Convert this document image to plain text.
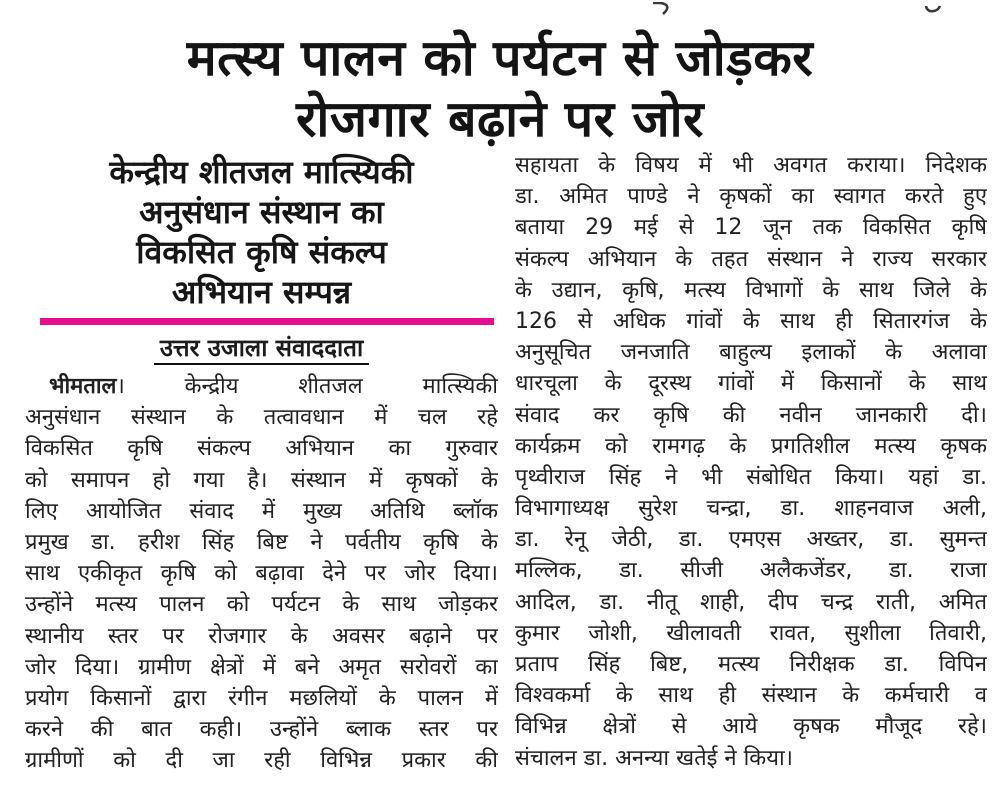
मत्स्य पालन को पर्यटन से जोड़कर
रोजगार बढ़ाने पर जोर
केन्द्रीय शीतजल मात्स्यिकी
अनुसंधान संस्थान का
विकसित कृषि संकल्प
अभियान सम्पन्न
उत्तर उजाला संवाददाता
भीमताल। केन्द्रीय शीतजल मात्स्यिकी
अनुसंधान संस्थान के तत्वावधान में चल रहे
विकसित कृषि संकल्प अभियान का गुरुवार
को समापन हो गया है। संस्थान में कृषकों के
लिए आयोजित संवाद में मुख्य अतिथि ब्लॉक
प्रमुख डा. हरीश सिंह बिष्ट ने पर्वतीय कृषि के
साथ एकीकृत कृषि को बढ़ावा देने पर जोर दिया।
उन्होंने मत्स्य पालन को पर्यटन के साथ जोड़कर
स्थानीय स्तर पर रोजगार के अवसर बढ़ाने पर
जोर दिया। ग्रामीण क्षेत्रों में बने अमृत सरोवरों का
प्रयोग किसानों द्वारा रंगीन मछलियों के पालन में
करने की बात कही। उन्होंने ब्लाक स्तर पर
ग्रामीणों को दी जा रही विभिन्न प्रकार की
सहायता के विषय में भी अवगत कराया। निदेशक
डा. अमित पाण्डे ने कृषकों का स्वागत करते हुए
बताया 29 मई से 12 जून तक विकसित कृषि
संकल्प अभियान के तहत संस्थान ने राज्य सरकार
के उद्यान, कृषि, मत्स्य विभागों के साथ जिले के
126 से अधिक गांवों के साथ ही सितारगंज के
अनुसूचित जनजाति बाहुल्य इलाकों के अलावा
धारचूला के दूरस्थ गांवों में किसानों के साथ
संवाद कर कृषि की नवीन जानकारी दी।
कार्यक्रम को रामगढ़ के प्रगतिशील मत्स्य कृषक
पृथ्वीराज सिंह ने भी संबोधित किया। यहां डा.
विभागाध्यक्ष सुरेश चन्द्रा, डा. शाहनवाज अली,
डा. रेनू जेठी, डा. एमएस अख्तर, डा. सुमन्त
मल्लिक, डा. सीजी अलैकजेंडर, डा. राजा
आदिल, डा. नीतू शाही, दीप चन्द्र राती, अमित
कुमार जोशी, खीलावती रावत, सुशीला तिवारी,
प्रताप सिंह बिष्ट, मत्स्य निरीक्षक डा. विपिन
विश्वकर्मा के साथ ही संस्थान के कर्मचारी व
विभिन्न क्षेत्रों से आये कृषक मौजूद रहे।
संचालन डा. अनन्या खतेई ने किया।
